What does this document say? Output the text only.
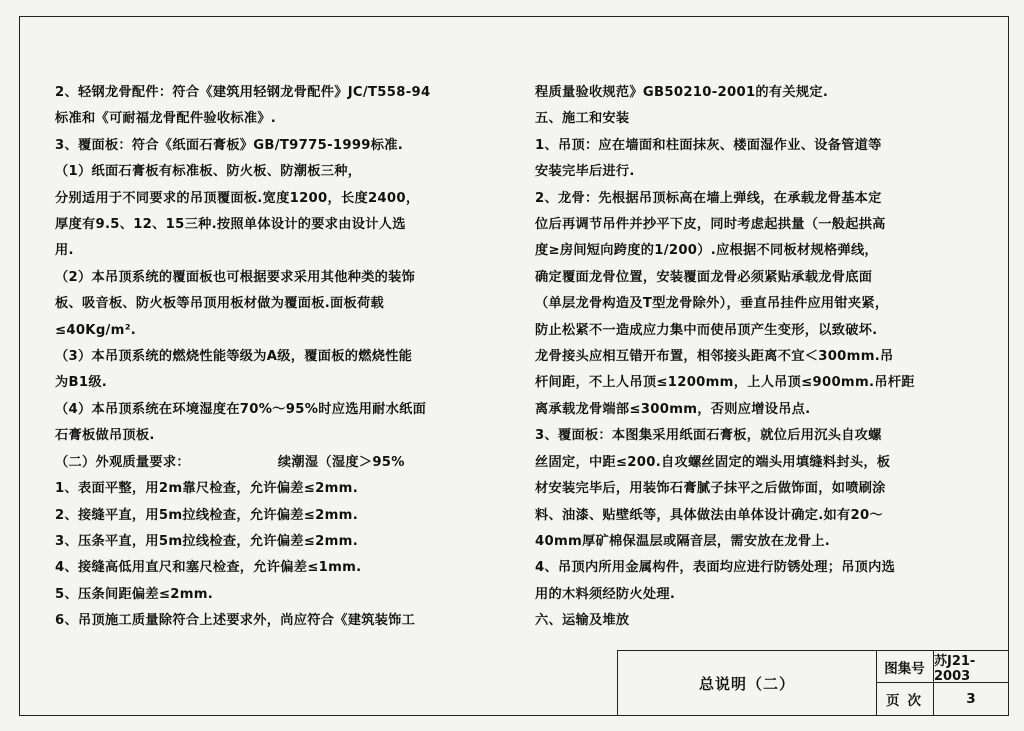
2、轻钢龙骨配件：符合《建筑用轻钢龙骨配件》JC/T558-94
标准和《可耐福龙骨配件验收标准》.
3、覆面板：符合《纸面石膏板》GB/T9775-1999标准.
（1）纸面石膏板有标准板、防火板、防潮板三种，
分别适用于不同要求的吊顶覆面板.宽度1200，长度2400，
厚度有9.5、12、15三种.按照单体设计的要求由设计人选
用.
（2）本吊顶系统的覆面板也可根据要求采用其他种类的装饰
板、吸音板、防火板等吊顶用板材做为覆面板.面板荷载
≤40Kg/m².
（3）本吊顶系统的燃烧性能等级为A级，覆面板的燃烧性能
为B1级.
（4）本吊顶系统在环境湿度在70%～95%时应选用耐水纸面
石膏板做吊顶板.
（二）外观质量要求：                  续潮湿（湿度＞95%
1、表面平整，用2m靠尺检查，允许偏差≤2mm.
2、接缝平直，用5m拉线检查，允许偏差≤2mm.
3、压条平直，用5m拉线检查，允许偏差≤2mm.
4、接缝高低用直尺和塞尺检查，允许偏差≤1mm.
5、压条间距偏差≤2mm.
6、吊顶施工质量除符合上述要求外，尚应符合《建筑装饰工
程质量验收规范》GB50210-2001的有关规定.
五、施工和安装
1、吊顶：应在墙面和柱面抹灰、楼面湿作业、设备管道等
安装完毕后进行.
2、龙骨：先根据吊顶标高在墙上弹线，在承载龙骨基本定
位后再调节吊件并抄平下皮，同时考虑起拱量（一般起拱高
度≥房间短向跨度的1/200）.应根据不同板材规格弹线，
确定覆面龙骨位置，安装覆面龙骨必须紧贴承载龙骨底面
（单层龙骨构造及T型龙骨除外），垂直吊挂件应用钳夹紧，
防止松紧不一造成应力集中而使吊顶产生变形，以致破坏.
龙骨接头应相互错开布置，相邻接头距离不宜＜300mm.吊
杆间距，不上人吊顶≤1200mm，上人吊顶≤900mm.吊杆距
离承载龙骨端部≤300mm，否则应增设吊点.
3、覆面板：本图集采用纸面石膏板，就位后用沉头自攻螺
丝固定，中距≤200.自攻螺丝固定的端头用填缝料封头，板
材安装完毕后，用装饰石膏腻子抹平之后做饰面，如喷刷涂
料、油漆、贴壁纸等，具体做法由单体设计确定.如有20～
40mm厚矿棉保温层或隔音层，需安放在龙骨上.
4、吊顶内所用金属构件，表面均应进行防锈处理；吊顶内选
用的木料须经防火处理.
六、运输及堆放
总说明（二）
图集号 苏J21-2003
页次	3
